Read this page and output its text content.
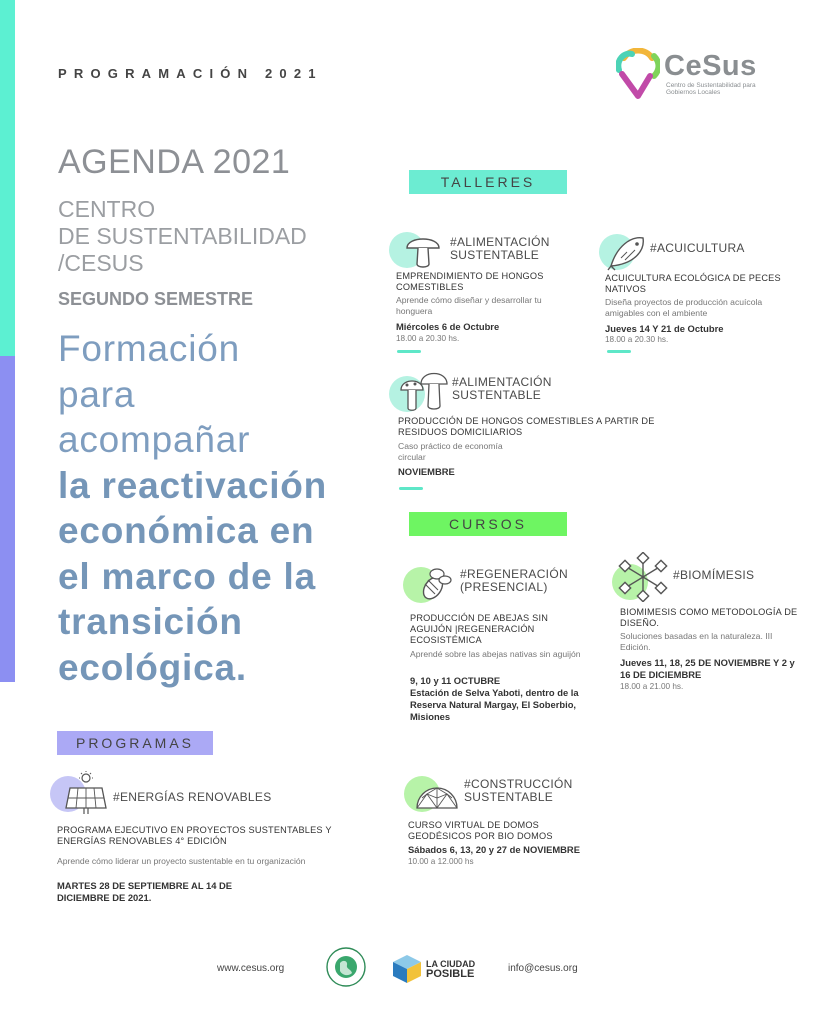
PROGRAMACIÓN 2021	CeSus
Centro de Sustentabilidad para Gobiernos Locales
AGENDA 2021
CENTRO
DE SUSTENTABILIDAD
/CESUS
SEGUNDO SEMESTRE
Formación
para
acompañar
la reactivación
económica en
el marco de la
transición
ecológica.
TALLERES
CURSOS
PROGRAMAS
#ALIMENTACIÓN
SUSTENTABLE
EMPRENDIMIENTO DE HONGOS COMESTIBLES
Aprende cómo diseñar y desarrollar tu honguera
Miércoles 6 de Octubre
18.00 a 20.30 hs.
#ACUICULTURA
ACUICULTURA ECOLÓGICA DE PECES NATIVOS
Diseña proyectos de producción acuícola amigables con el ambiente
Jueves 14 Y 21 de Octubre
18.00 a 20.30 hs.
#ALIMENTACIÓN
SUSTENTABLE
PRODUCCIÓN DE HONGOS COMESTIBLES A PARTIR DE RESIDUOS DOMICILIARIOS
Caso práctico de economía circular
NOVIEMBRE
#REGENERACIÓN
(PRESENCIAL)
PRODUCCIÓN DE ABEJAS SIN AGUIJÓN |REGENERACIÓN ECOSISTÉMICA
Aprendé sobre las abejas nativas sin aguijón
9, 10 y 11 OCTUBRE
Estación de Selva Yaboti, dentro de la Reserva Natural Margay, El Soberbio, Misiones
#BIOMÍMESIS
BIOMIMESIS COMO METODOLOGÍA DE DISEÑO.
Soluciones basadas en la naturaleza. III Edición.
Jueves 11, 18, 25 DE NOVIEMBRE Y 2 y 16 DE DICIEMBRE
18.00 a 21.00 hs.
#CONSTRUCCIÓN
SUSTENTABLE
CURSO VIRTUAL DE DOMOS GEODÉSICOS POR BIO DOMOS
Sábados 6, 13, 20 y 27 de NOVIEMBRE
10.00 a 12.000 hs
#ENERGÍAS RENOVABLES
PROGRAMA EJECUTIVO EN PROYECTOS SUSTENTABLES Y ENERGÍAS RENOVABLES 4° EDICIÓN
Aprende cómo liderar un proyecto sustentable en tu organización
MARTES 28 DE SEPTIEMBRE AL 14 DE DICIEMBRE DE 2021.
www.cesus.org	LA CIUDAD
POSIBLE	info@cesus.org
